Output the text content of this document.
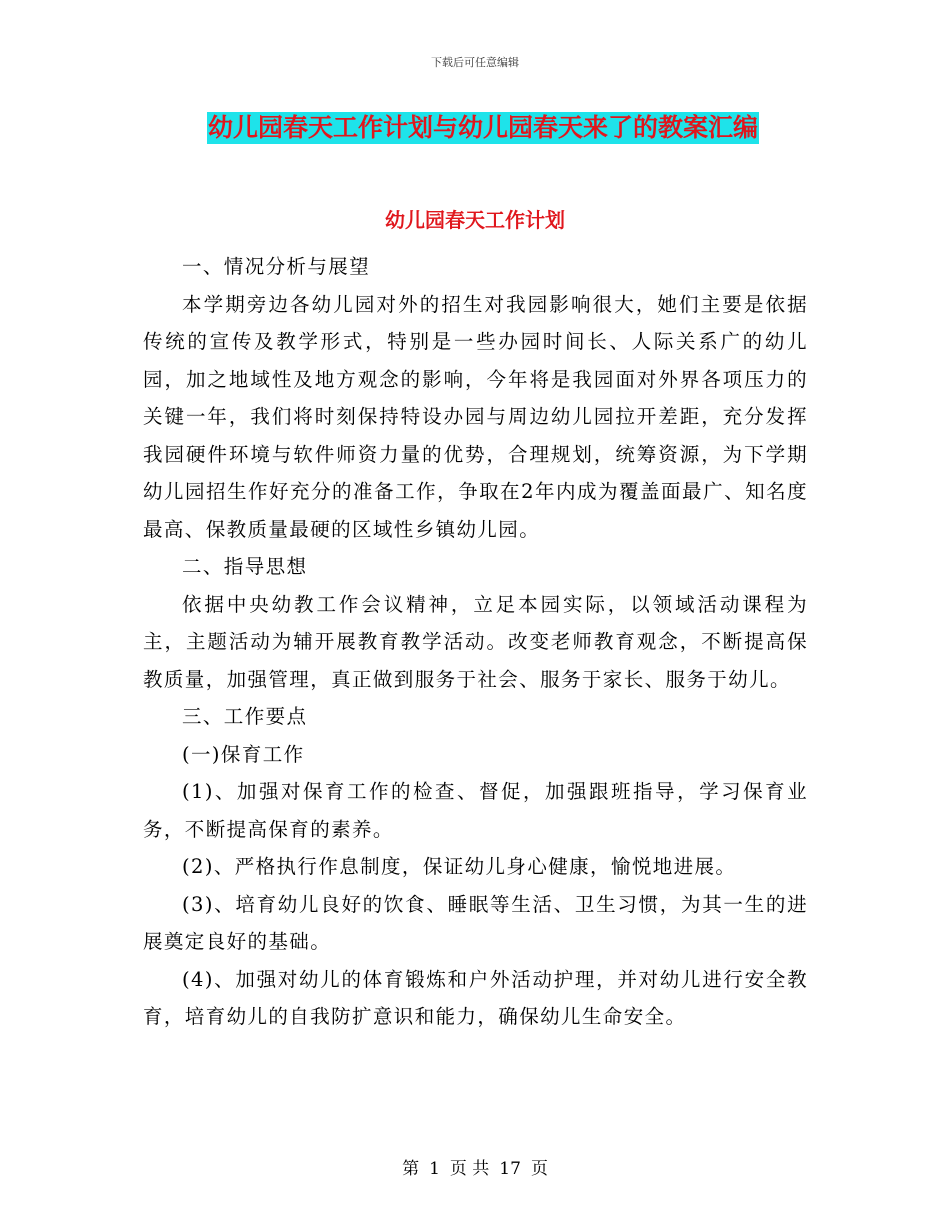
下载后可任意编辑
幼儿园春天工作计划与幼儿园春天来了的教案汇编
幼儿园春天工作计划

一、情况分析与展望

本学期旁边各幼儿园对外的招生对我园影响很大，她们主要是依据传统的宣传及教学形式，特别是一些办园时间长、人际关系广的幼儿园，加之地域性及地方观念的影响，今年将是我园面对外界各项压力的关键一年，我们将时刻保持特设办园与周边幼儿园拉开差距，充分发挥我园硬件环境与软件师资力量的优势，合理规划，统筹资源，为下学期幼儿园招生作好充分的准备工作，争取在2年内成为覆盖面最广、知名度最高、保教质量最硬的区域性乡镇幼儿园。

二、指导思想

依据中央幼教工作会议精神，立足本园实际，以领域活动课程为主，主题活动为辅开展教育教学活动。改变老师教育观念，不断提高保教质量，加强管理，真正做到服务于社会、服务于家长、服务于幼儿。

三、工作要点

(一)保育工作

(1)、加强对保育工作的检查、督促，加强跟班指导，学习保育业务，不断提高保育的素养。

(2)、严格执行作息制度，保证幼儿身心健康，愉悦地进展。

(3)、培育幼儿良好的饮食、睡眠等生活、卫生习惯，为其一生的进展奠定良好的基础。

(4)、加强对幼儿的体育锻炼和户外活动护理，并对幼儿进行安全教育，培育幼儿的自我防扩意识和能力，确保幼儿生命安全。

第 1 页 共 17 页
